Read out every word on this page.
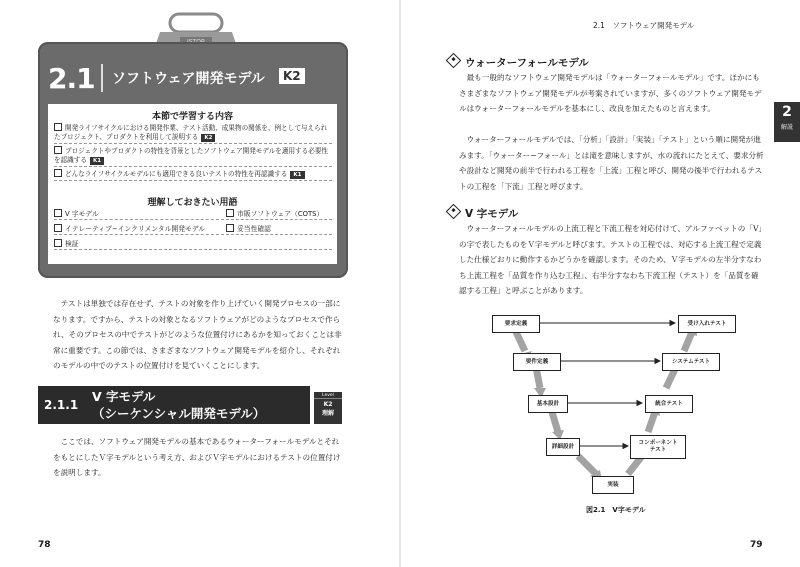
2.1 ソフトウェア開発モデル	K2
本節で学習する内容
開発ライフサイクルにおける開発作業、テスト活動、成果物の関係を、例として与えられたプロジェクト、プロダクトを利用して説明する K2
プロジェクトやプロダクトの特性を背景としたソフトウェア開発モデルを適用する必要性を認識する K1
どんなライフサイクルモデルにも適用できる良いテストの特性を再認識する K1
理解しておきたい用語
V 字モデル	市販ソフトウェア（COTS）
イテレーティブ−インクリメンタル開発モデル	妥当性確認
検証
テストは単独では存在せず、テストの対象を作り上げていく開発プロセスの一部になります。ですから、テストの対象となるソフトウェアがどのようなプロセスで作られ、そのプロセスの中でテストがどのような位置付けにあるかを知っておくことは非常に重要です。この節では、さまざまなソフトウェア開発モデルを紹介し、それぞれのモデルの中でのテストの位置付けを見ていくことにします。
2.1.1
V 字モデル
（シーケンシャル開発モデル）
Level
K2
理解
ここでは、ソフトウェア開発モデルの基本であるウォーターフォールモデルとそれをもとにしたＶ字モデルという考え方、およびＶ字モデルにおけるテストの位置付けを説明します。
78
2.1　ソフトウェア開発モデル
2
解説
ウォーターフォールモデル
最も一般的なソフトウェア開発モデルは「ウォーターフォールモデル」です。ほかにもさまざまなソフトウェア開発モデルが考案されていますが、多くのソフトウェア開発モデルはウォーターフォールモデルを基本にし、改良を加えたものと言えます。
ウォーターフォールモデルでは、「分析」「設計」「実装」「テスト」という順に開発が進みます。「ウォーター−フォール」とは滝を意味しますが、水の流れにたとえて、要求分析や設計など開発の前半で行われる工程を「上流」工程と呼び、開発の後半で行われるテストの工程を「下流」工程と呼びます。
V 字モデル
ウォーターフォールモデルの上流工程と下流工程を対応付けて、アルファベットの「V」の字で表したものをＶ字モデルと呼びます。テストの工程では、対応する上流工程で定義した仕様どおりに動作するかどうかを確認します。そのため、Ｖ字モデルの左半分すなわち上流工程を「品質を作り込む工程」、右半分すなわち下流工程（テスト）を「品質を確認する工程」と呼ぶことがあります。
要求定義
要件定義
基本設計
詳細設計
実装
コンポーネント
テスト
統合テスト
システムテスト
受け入れテスト
図2.1　V字モデル
79
